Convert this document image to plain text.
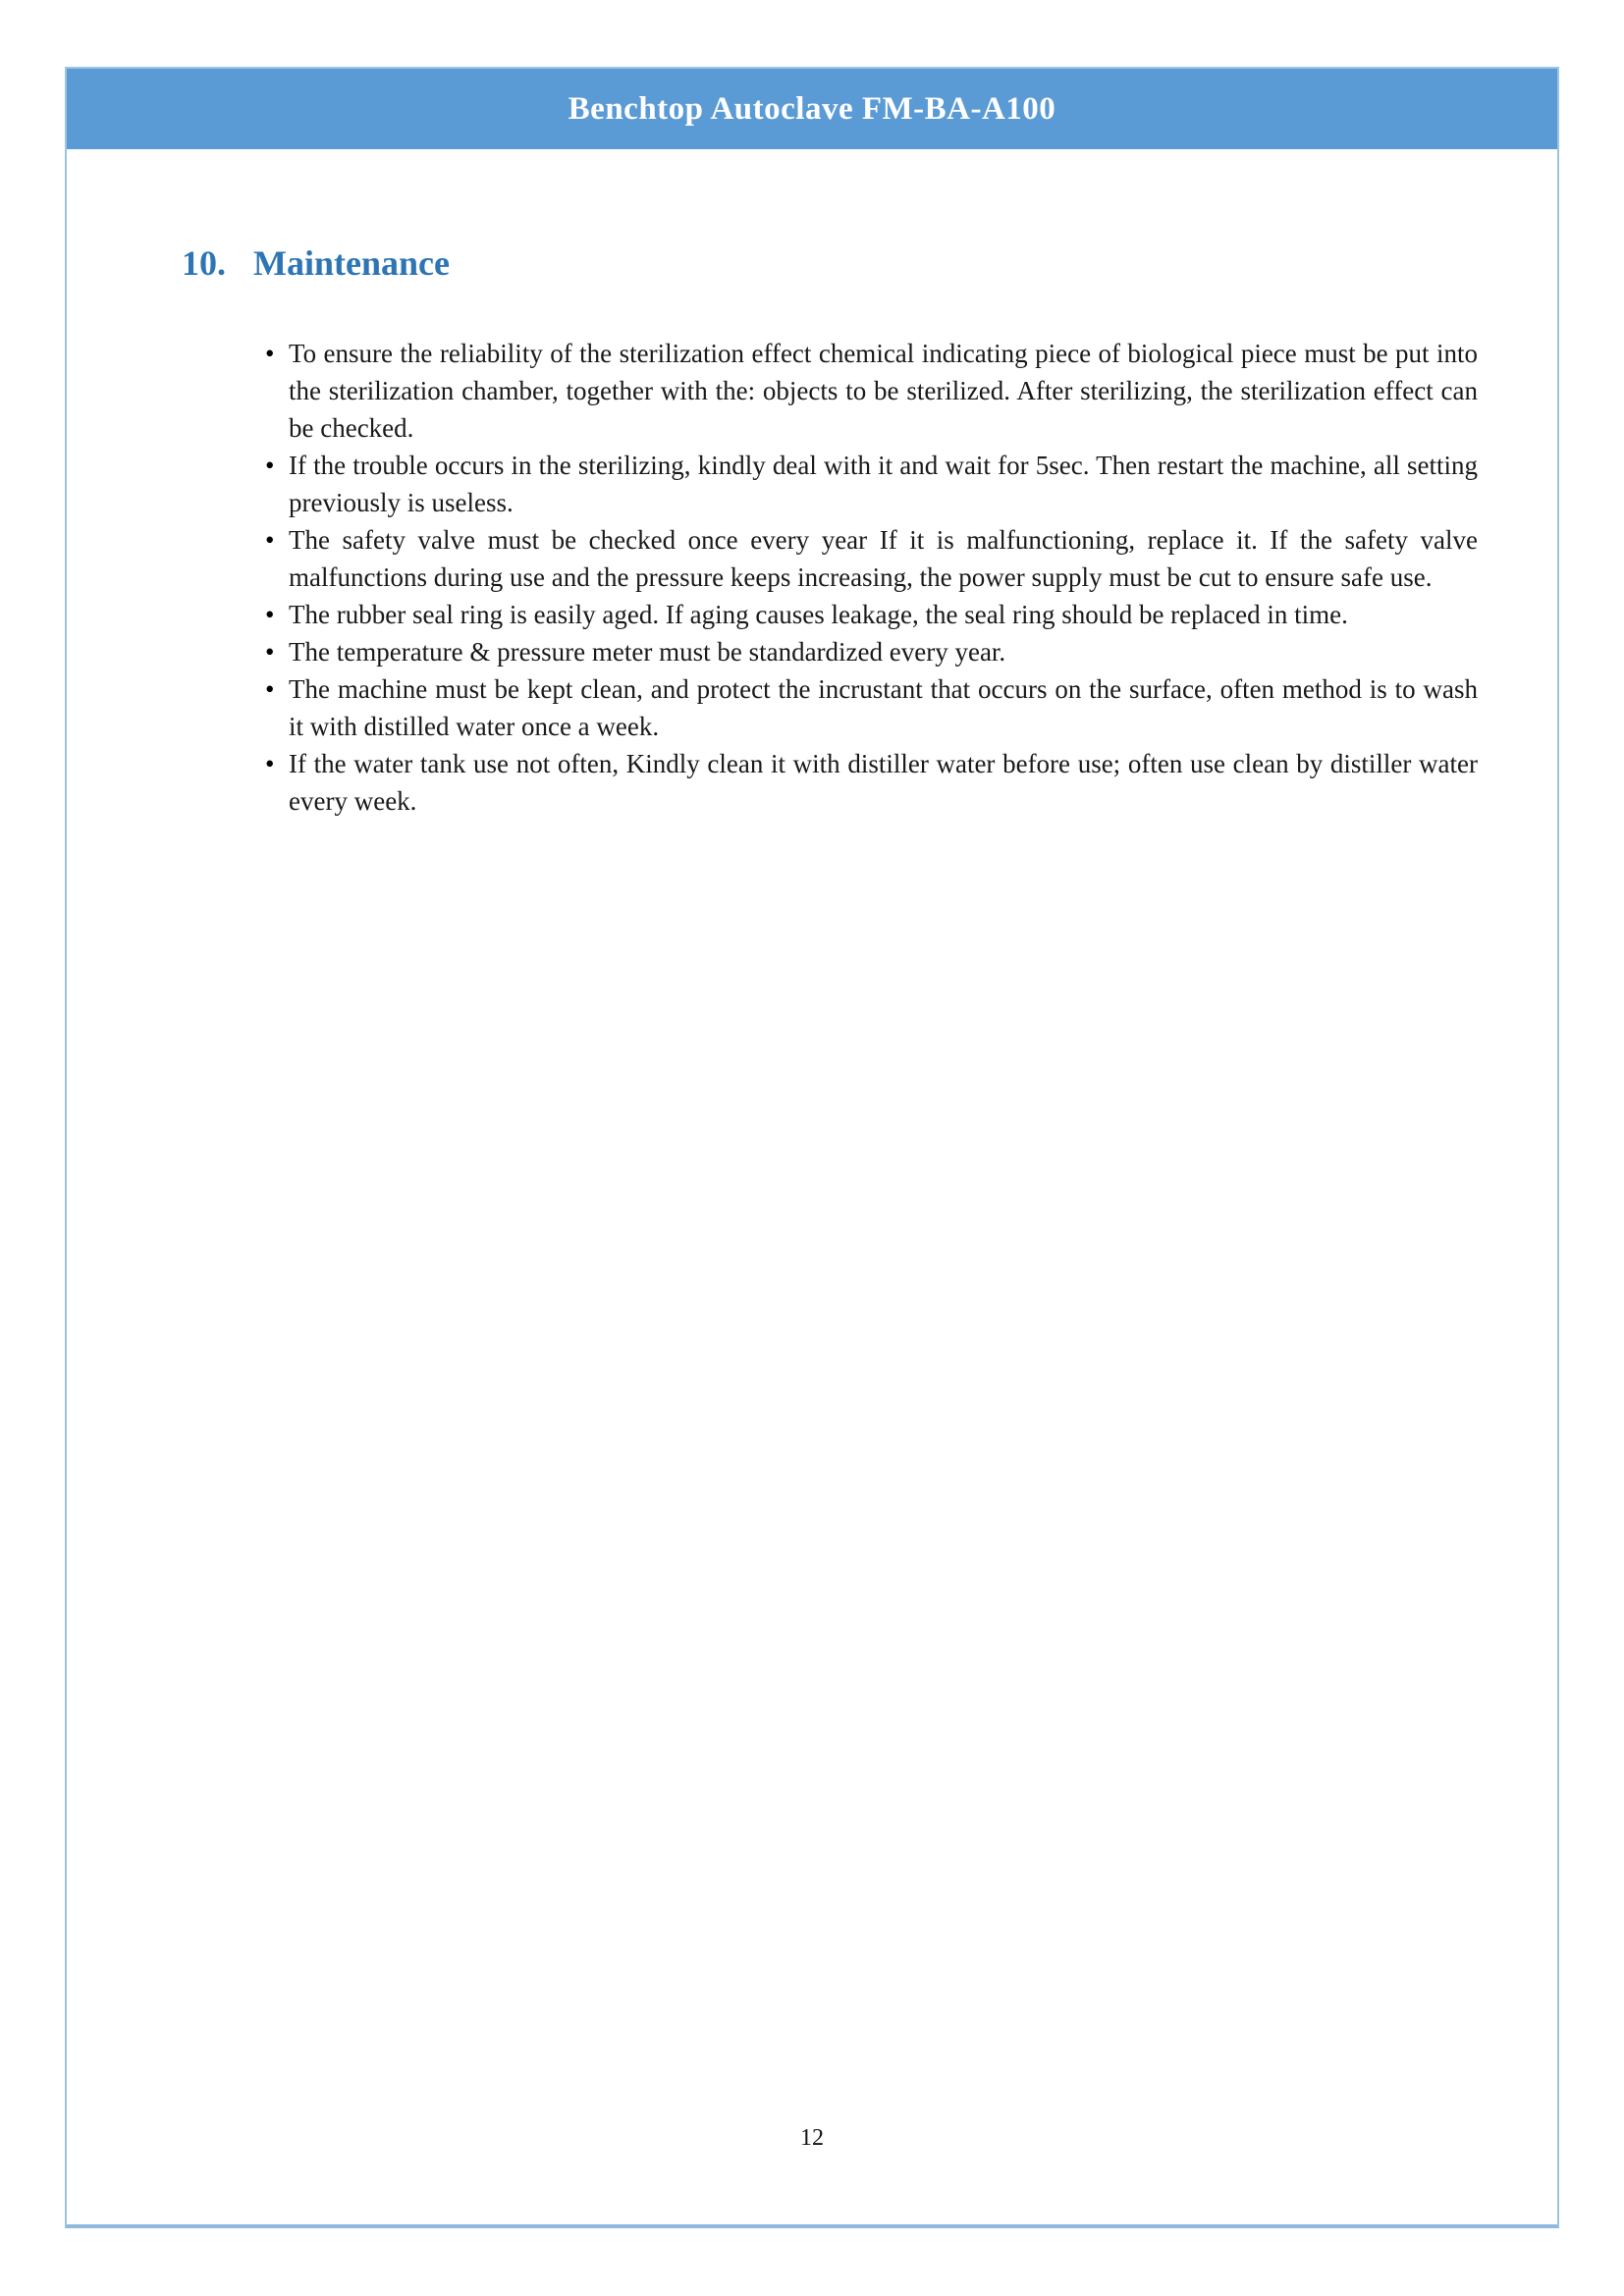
Benchtop Autoclave FM-BA-A100
10. Maintenance
• To ensure the reliability of the sterilization effect chemical indicating piece of biological piece must be put into the sterilization chamber, together with the: objects to be sterilized. After sterilizing, the sterilization effect can be checked.
• If the trouble occurs in the sterilizing, kindly deal with it and wait for 5sec. Then restart the machine, all setting previously is useless.
• The safety valve must be checked once every year If it is malfunctioning, replace it. If the safety valve malfunctions during use and the pressure keeps increasing, the power supply must be cut to ensure safe use.
• The rubber seal ring is easily aged. If aging causes leakage, the seal ring should be replaced in time.
• The temperature & pressure meter must be standardized every year.
• The machine must be kept clean, and protect the incrustant that occurs on the surface, often method is to wash it with distilled water once a week.
• If the water tank use not often, Kindly clean it with distiller water before use; often use clean by distiller water every week.
12
